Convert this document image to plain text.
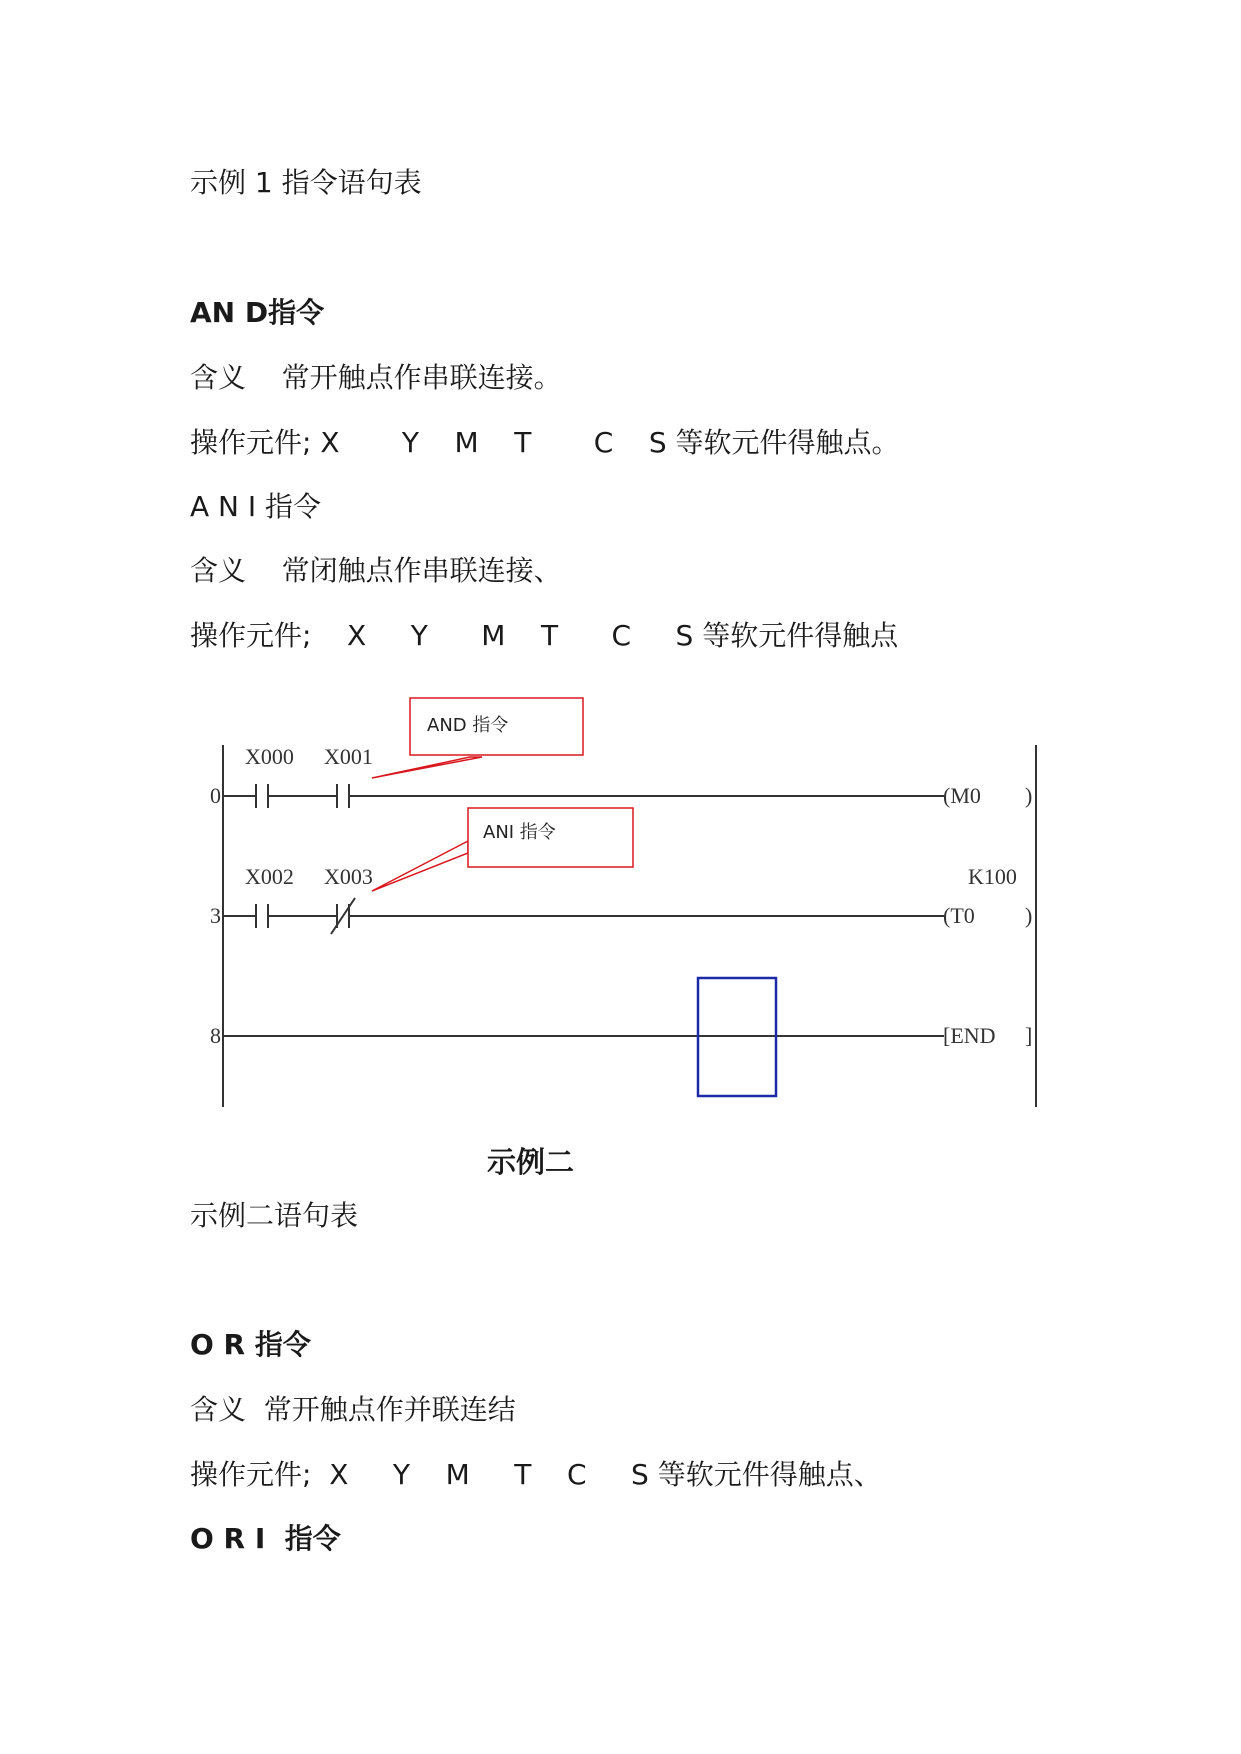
示例 1 指令语句表
AN D指令
含义    常开触点作串联连接。
操作元件; X       Y    M    T       C    S 等软元件得触点。
A N I 指令
含义    常闭触点作串联连接、
操作元件;    X     Y      M    T      C     S 等软元件得触点
0
3
8
X000 X001
(M0 )
X002 X003	K100
(T0 )
[END ]
AND 指令
ANI 指令
示例二
示例二语句表
O R 指令
含义  常开触点作并联连结
操作元件;  X     Y    M     T    C     S 等软元件得触点、
O R I  指令
